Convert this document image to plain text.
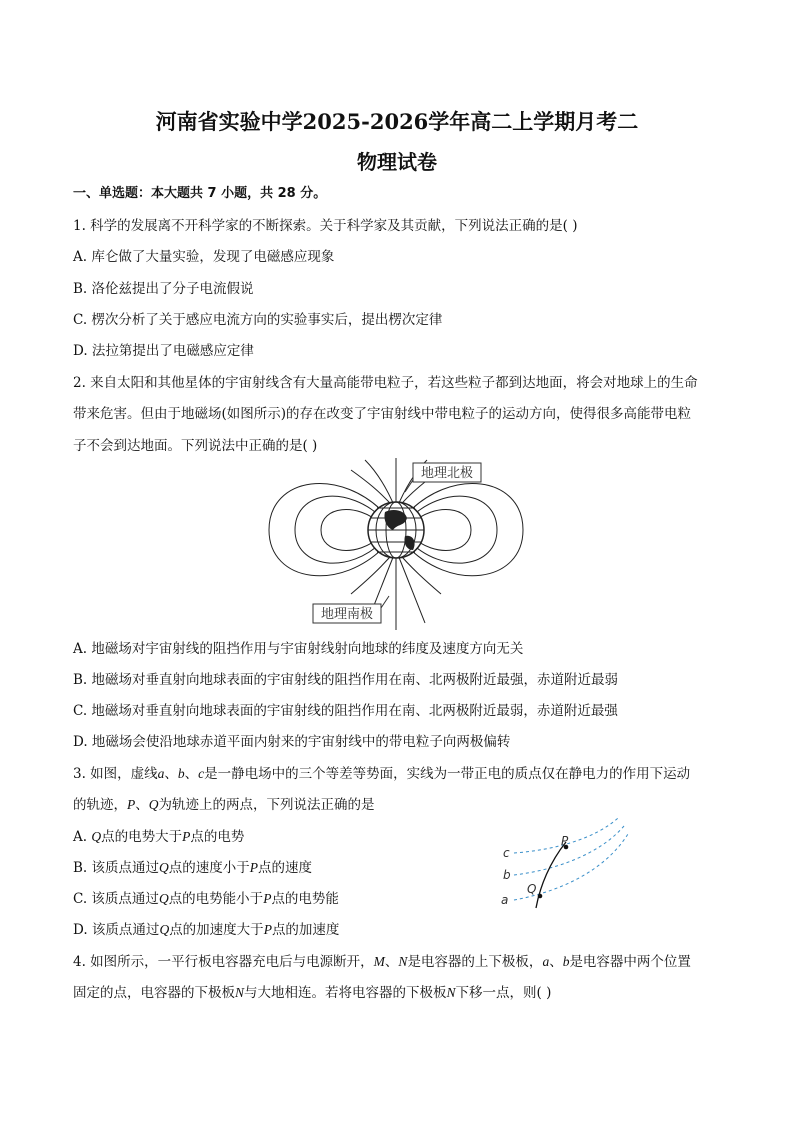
河南省实验中学2025-2026学年高二上学期月考二
物理试卷
一、单选题：本大题共 7 小题，共 28 分。
1. 科学的发展离不开科学家的不断探索。关于科学家及其贡献，下列说法正确的是( )
A. 库仑做了大量实验，发现了电磁感应现象
B. 洛伦兹提出了分子电流假说
C. 楞次分析了关于感应电流方向的实验事实后，提出楞次定律
D. 法拉第提出了电磁感应定律
2. 来自太阳和其他星体的宇宙射线含有大量高能带电粒子，若这些粒子都到达地面，将会对地球上的生命
带来危害。但由于地磁场(如图所示)的存在改变了宇宙射线中带电粒子的运动方向，使得很多高能带电粒
子不会到达地面。下列说法中正确的是( )
地理北极
地理南极
A. 地磁场对宇宙射线的阻挡作用与宇宙射线射向地球的纬度及速度方向无关
B. 地磁场对垂直射向地球表面的宇宙射线的阻挡作用在南、北两极附近最强，赤道附近最弱
C. 地磁场对垂直射向地球表面的宇宙射线的阻挡作用在南、北两极附近最弱，赤道附近最强
D. 地磁场会使沿地球赤道平面内射来的宇宙射线中的带电粒子向两极偏转
3. 如图，虚线a、b、c是一静电场中的三个等差等势面，实线为一带正电的质点仅在静电力的作用下运动
的轨迹，P、Q为轨迹上的两点，下列说法正确的是
A. Q点的电势大于P点的电势
B. 该质点通过Q点的速度小于P点的速度
C. 该质点通过Q点的电势能小于P点的电势能
D. 该质点通过Q点的加速度大于P点的加速度
c
b
a
P
Q
4. 如图所示，一平行板电容器充电后与电源断开，M、N是电容器的上下极板，a、b是电容器中两个位置
固定的点，电容器的下极板N与大地相连。若将电容器的下极板N下移一点，则( )
